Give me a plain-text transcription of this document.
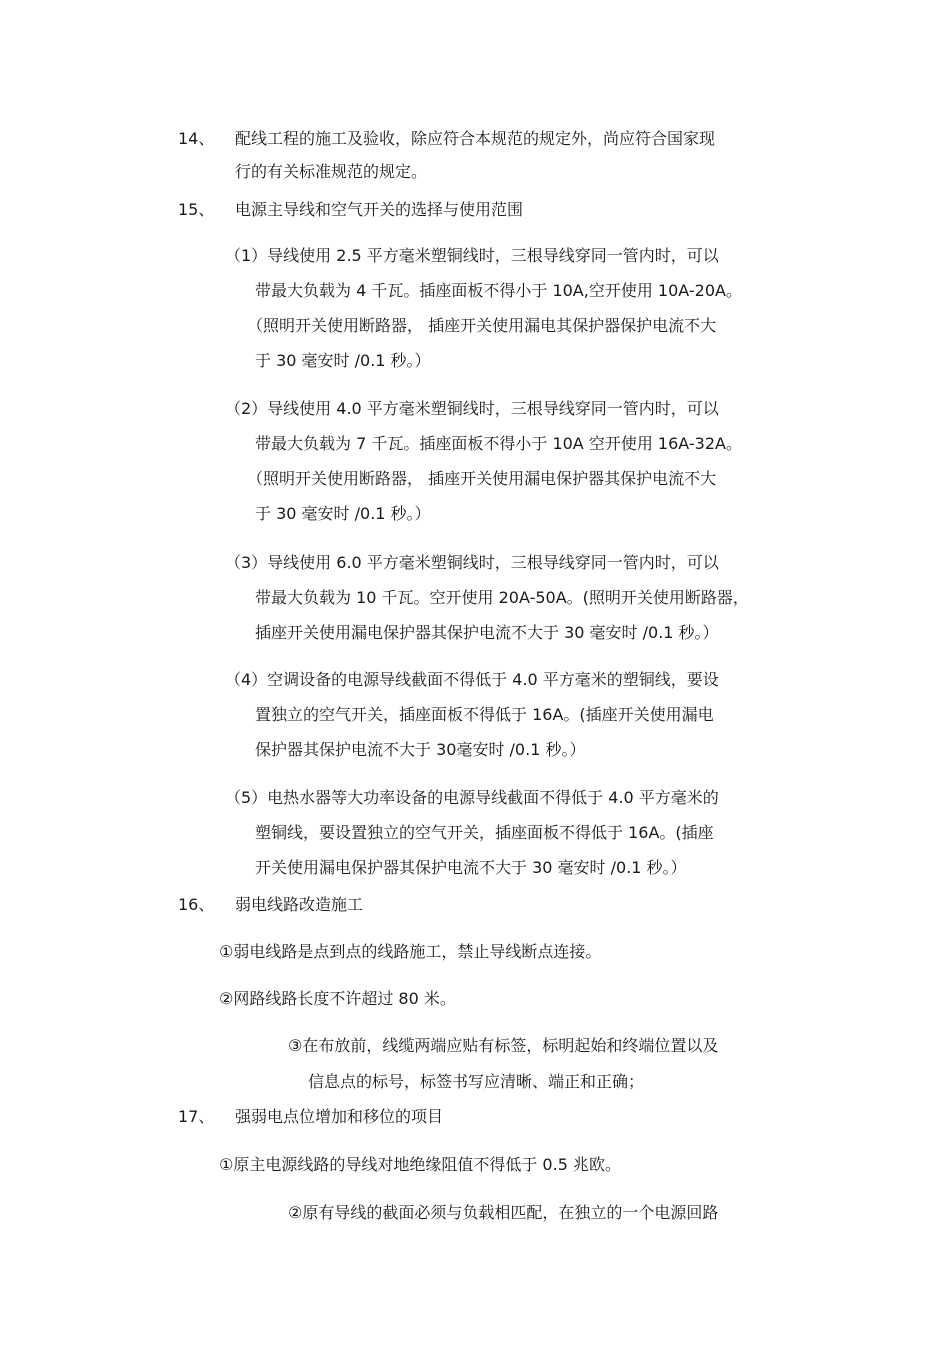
14、 配线工程的施工及验收，除应符合本规范的规定外，尚应符合国家现
行的有关标准规范的规定。
15、 电源主导线和空气开关的选择与使用范围
（1）导线使用 2.5 平方毫米塑铜线时，三根导线穿同一管内时，可以
带最大负载为 4 千瓦。插座面板不得小于 10A,空开使用 10A-20A。
（照明开关使用断路器， 插座开关使用漏电其保护器保护电流不大
于 30 毫安时 /0.1 秒。）
（2）导线使用 4.0 平方毫米塑铜线时，三根导线穿同一管内时，可以
带最大负载为 7 千瓦。插座面板不得小于 10A 空开使用 16A-32A。
（照明开关使用断路器， 插座开关使用漏电保护器其保护电流不大
于 30 毫安时 /0.1 秒。）
（3）导线使用 6.0 平方毫米塑铜线时，三根导线穿同一管内时，可以
带最大负载为 10 千瓦。空开使用 20A-50A。(照明开关使用断路器，
插座开关使用漏电保护器其保护电流不大于 30 毫安时 /0.1 秒。）
（4）空调设备的电源导线截面不得低于 4.0 平方毫米的塑铜线，要设
置独立的空气开关，插座面板不得低于 16A。(插座开关使用漏电
保护器其保护电流不大于 30毫安时 /0.1 秒。）
（5）电热水器等大功率设备的电源导线截面不得低于 4.0 平方毫米的
塑铜线，要设置独立的空气开关，插座面板不得低于 16A。(插座
开关使用漏电保护器其保护电流不大于 30 毫安时 /0.1 秒。）
16、 弱电线路改造施工
①弱电线路是点到点的线路施工，禁止导线断点连接。
②网路线路长度不许超过 80 米。
③在布放前，线缆两端应贴有标签，标明起始和终端位置以及
信息点的标号，标签书写应清晰、端正和正确；
17、 强弱电点位增加和移位的项目
①原主电源线路的导线对地绝缘阻值不得低于 0.5 兆欧。
②原有导线的截面必须与负载相匹配，在独立的一个电源回路
